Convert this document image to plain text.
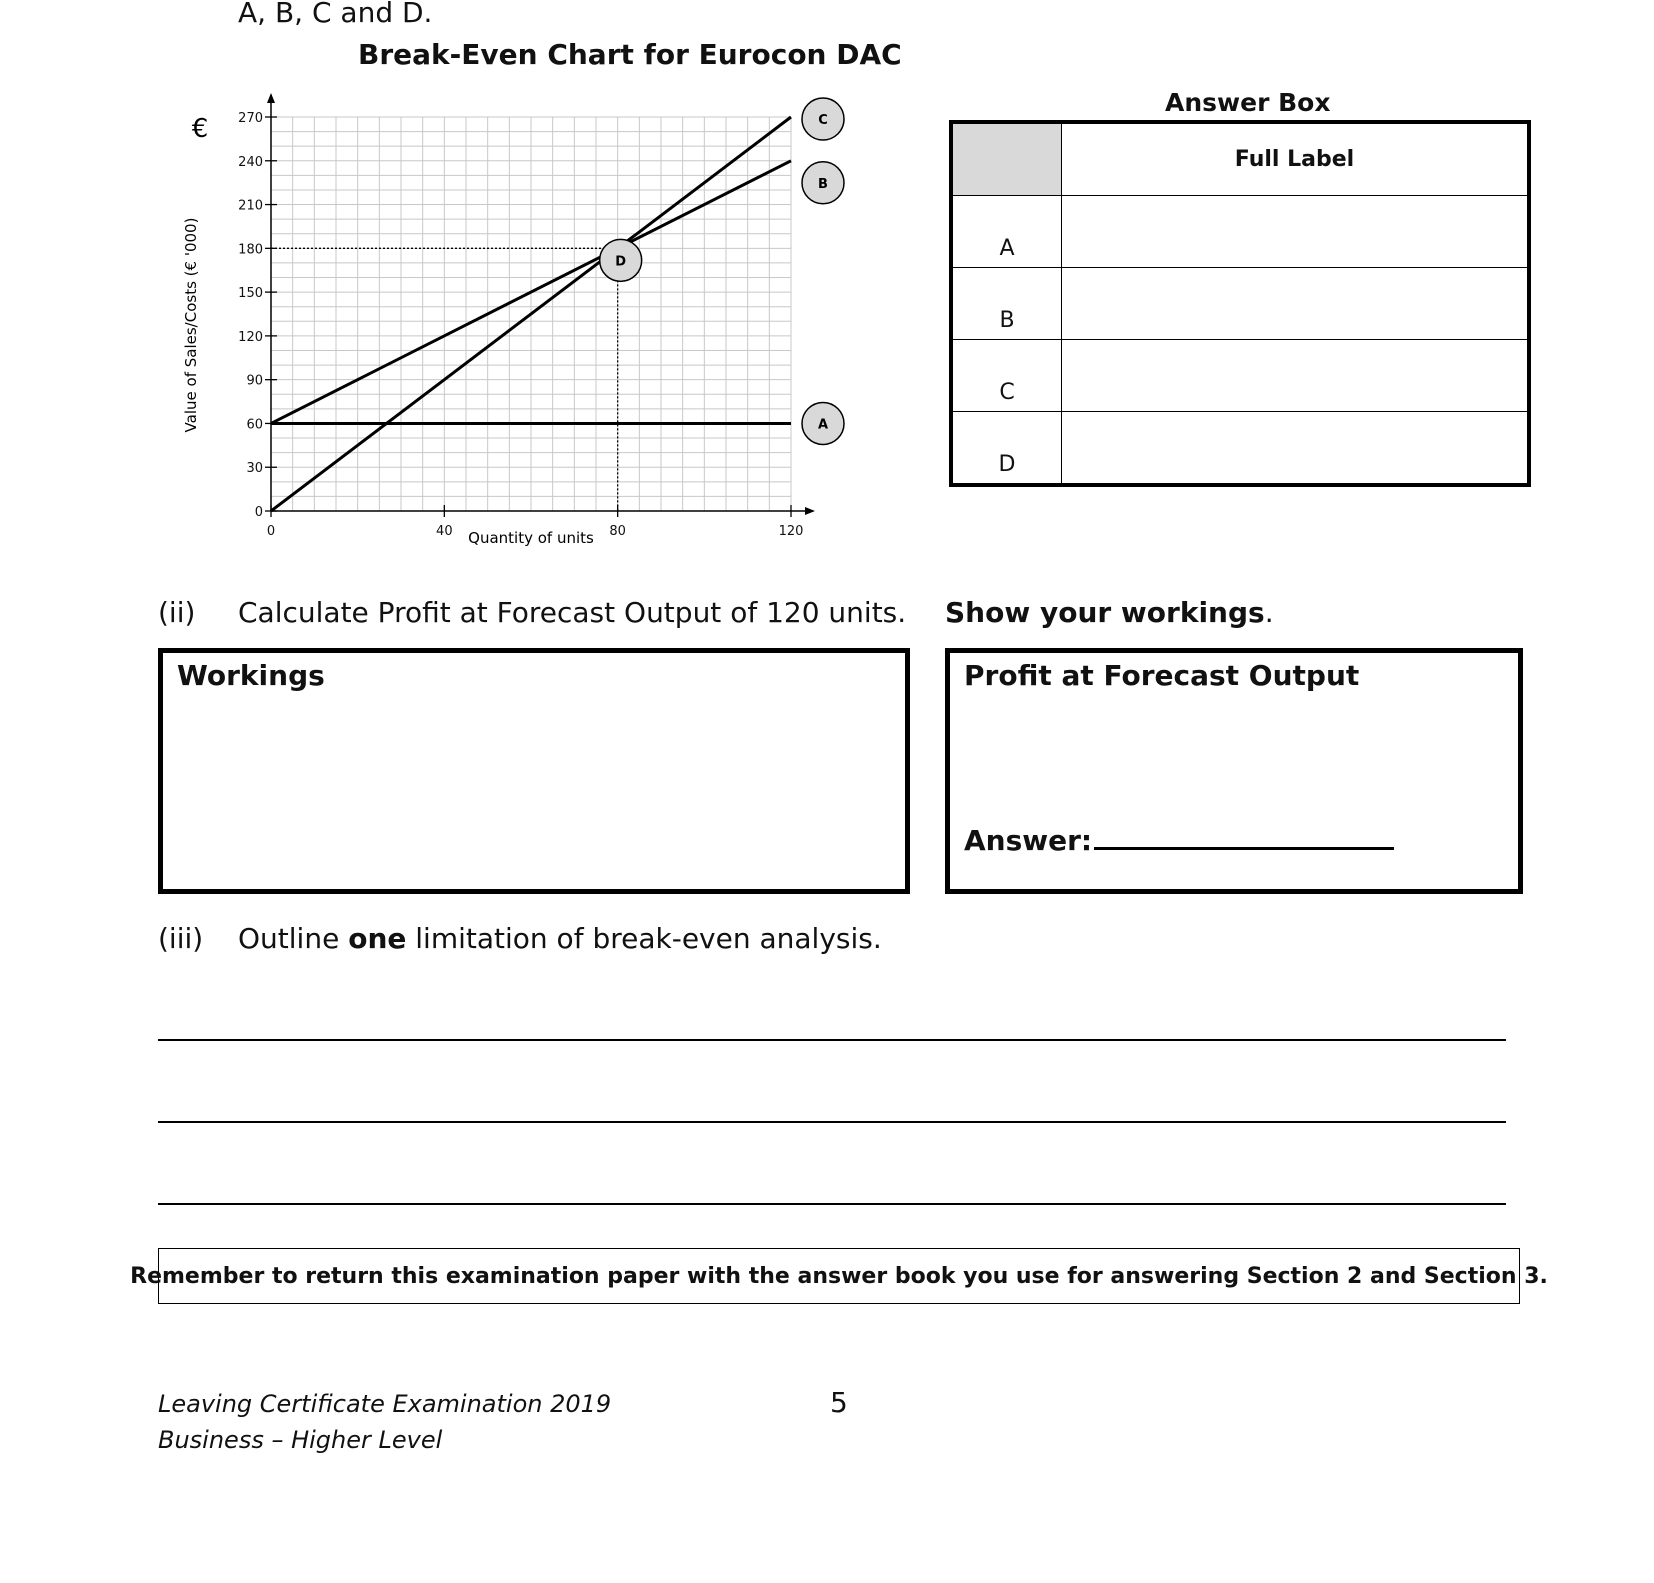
A, B, C and D.
Break-Even Chart for Eurocon DAC
0
30
60
90
120
150
180
210
240
270
0	40	80	120
A
B
C
D
€
Value of Sales/Costs (€ '000)
Quantity of units
Answer Box
	Full Label
A	
B	
C	
D	
(ii) Calculate Profit at Forecast Output of 120 units. Show your workings.
Workings	Profit at Forecast Output
Answer:
(iii) Outline one limitation of break-even analysis.
Remember to return this examination paper with the answer book you use for answering Section 2 and Section 3.
Leaving Certificate Examination 2019
Business – Higher Level
5
